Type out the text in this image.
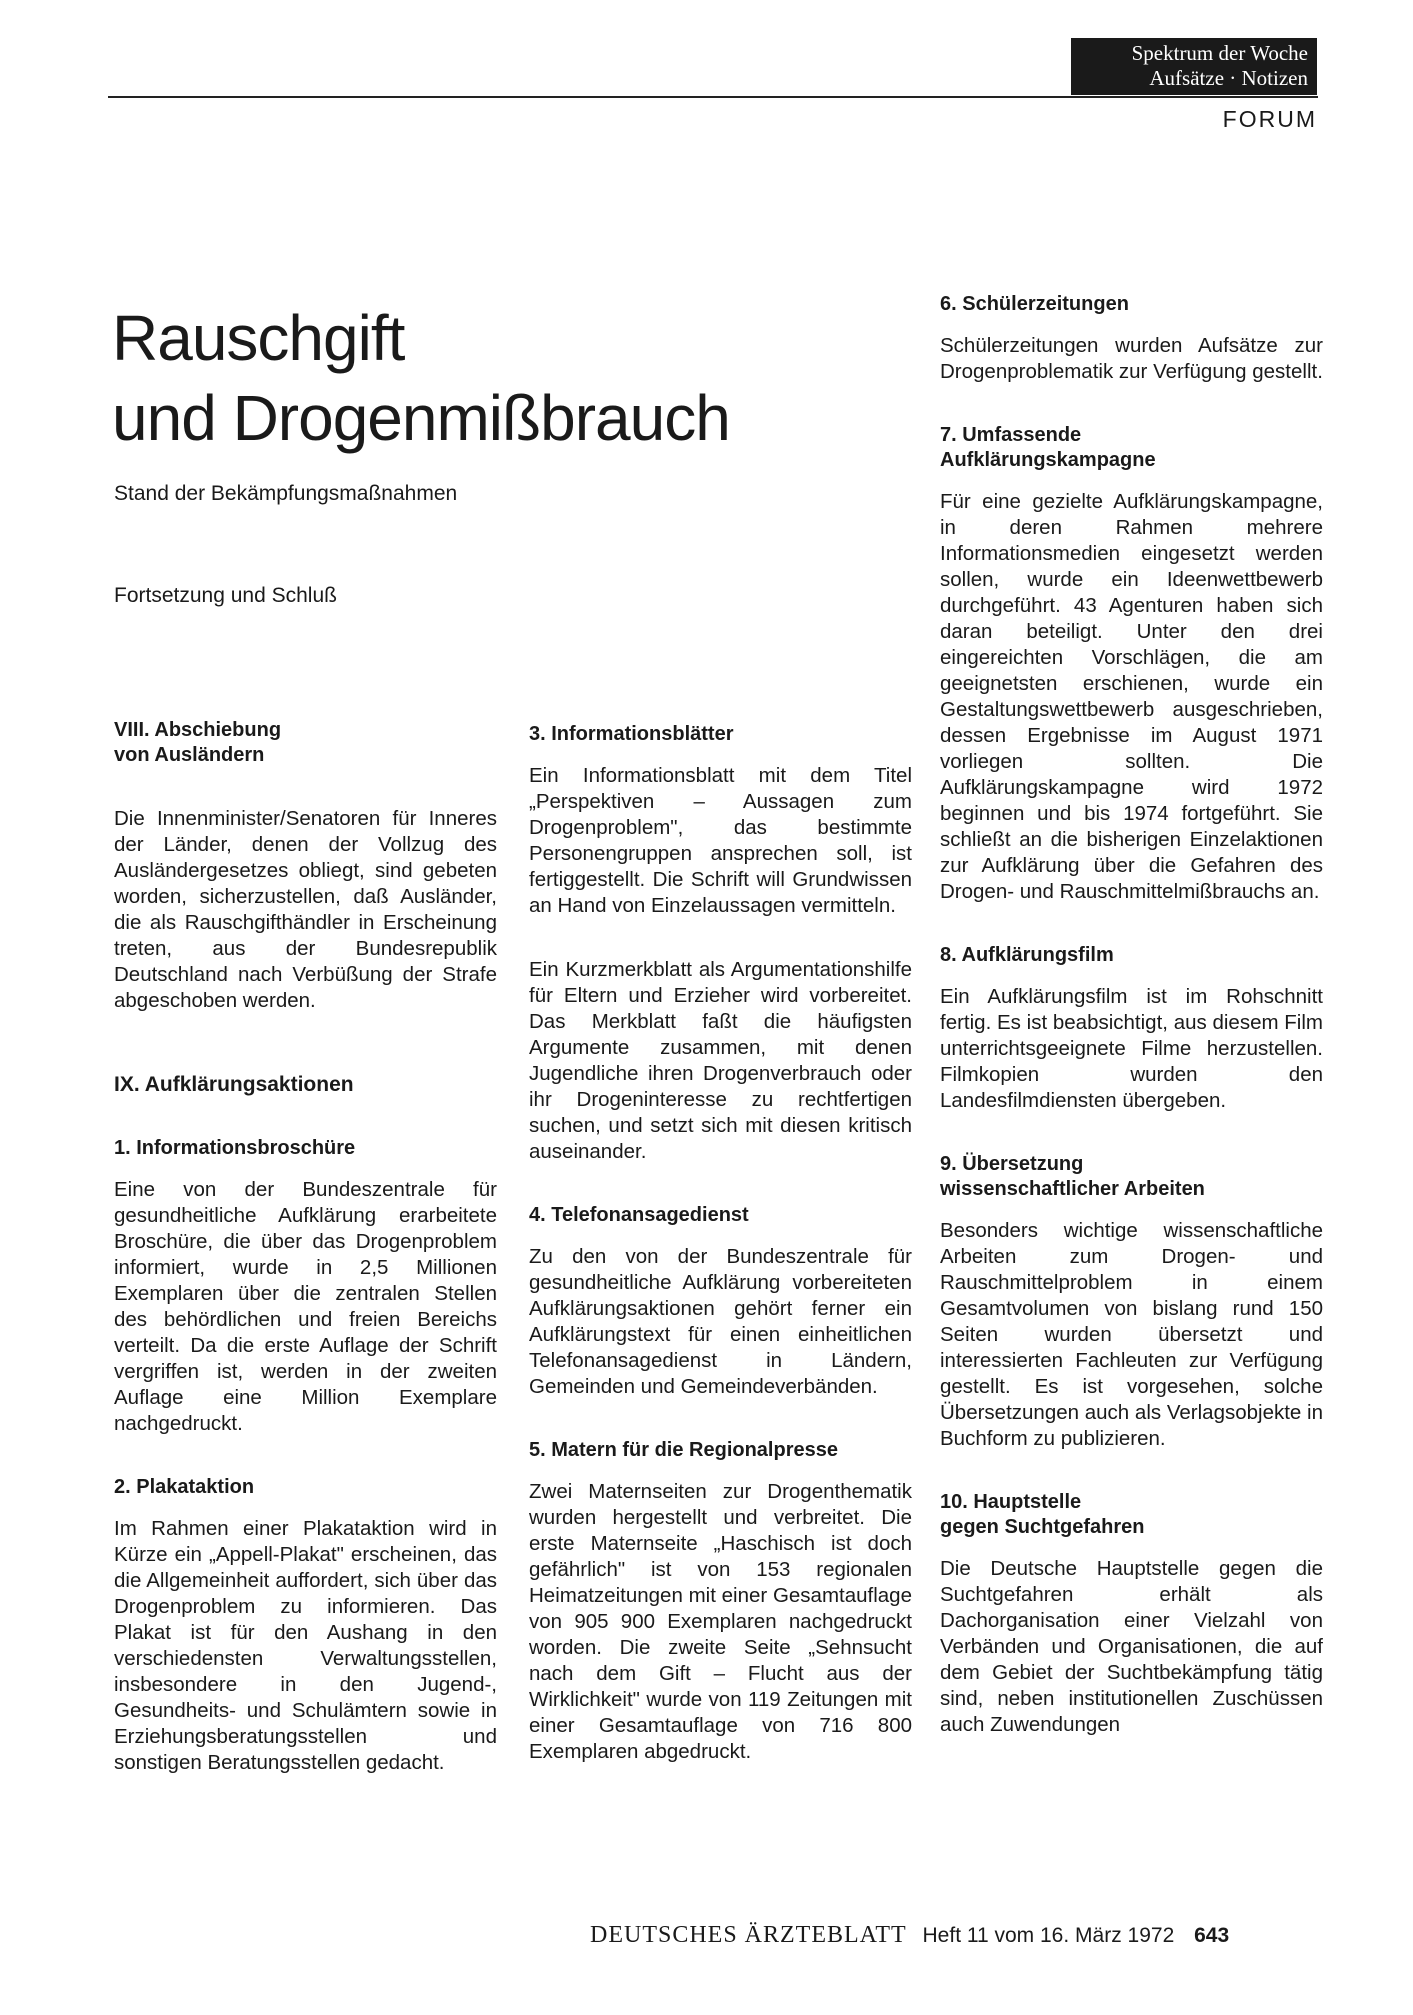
Spektrum der Woche
Aufsätze · Notizen
FORUM
Rauschgift
und Drogenmißbrauch
Stand der Bekämpfungsmaßnahmen
Fortsetzung und Schluß
VIII. Abschiebung
von Ausländern

Die Innenminister/Senatoren für Inneres der Länder, denen der Vollzug des Ausländergesetzes obliegt, sind gebeten worden, sicherzustellen, daß Ausländer, die als Rauschgifthändler in Erscheinung treten, aus der Bundesrepublik Deutschland nach Verbüßung der Strafe abgeschoben werden.

IX. Aufklärungsaktionen
1. Informationsbroschüre

Eine von der Bundeszentrale für gesundheitliche Aufklärung erarbeitete Broschüre, die über das Drogenproblem informiert, wurde in 2,5 Millionen Exemplaren über die zentralen Stellen des behördlichen und freien Bereichs verteilt. Da die erste Auflage der Schrift vergriffen ist, werden in der zweiten Auflage eine Million Exemplare nachgedruckt.

2. Plakataktion

Im Rahmen einer Plakataktion wird in Kürze ein „Appell-Plakat" erscheinen, das die Allgemeinheit auffordert, sich über das Drogenproblem zu informieren. Das Plakat ist für den Aushang in den verschiedensten Verwaltungsstellen, insbesondere in den Jugend-, Gesundheits- und Schulämtern sowie in Erziehungsberatungsstellen und sonstigen Beratungsstellen gedacht.

3. Informationsblätter

Ein Informationsblatt mit dem Titel „Perspektiven – Aussagen zum Drogenproblem", das bestimmte Personengruppen ansprechen soll, ist fertiggestellt. Die Schrift will Grundwissen an Hand von Einzelaussagen vermitteln.

Ein Kurzmerkblatt als Argumentationshilfe für Eltern und Erzieher wird vorbereitet. Das Merkblatt faßt die häufigsten Argumente zusammen, mit denen Jugendliche ihren Drogenverbrauch oder ihr Drogeninteresse zu rechtfertigen suchen, und setzt sich mit diesen kritisch auseinander.

4. Telefonansagedienst

Zu den von der Bundeszentrale für gesundheitliche Aufklärung vorbereiteten Aufklärungsaktionen gehört ferner ein Aufklärungstext für einen einheitlichen Telefonansagedienst in Ländern, Gemeinden und Gemeindeverbänden.

5. Matern für die Regionalpresse

Zwei Maternseiten zur Drogenthematik wurden hergestellt und verbreitet. Die erste Maternseite „Haschisch ist doch gefährlich" ist von 153 regionalen Heimatzeitungen mit einer Gesamtauflage von 905 900 Exemplaren nachgedruckt worden. Die zweite Seite „Sehnsucht nach dem Gift – Flucht aus der Wirklichkeit" wurde von 119 Zeitungen mit einer Gesamtauflage von 716 800 Exemplaren abgedruckt.

6. Schülerzeitungen

Schülerzeitungen wurden Aufsätze zur Drogenproblematik zur Verfügung gestellt.

7. Umfassende
Aufklärungskampagne

Für eine gezielte Aufklärungskampagne, in deren Rahmen mehrere Informationsmedien eingesetzt werden sollen, wurde ein Ideenwettbewerb durchgeführt. 43 Agenturen haben sich daran beteiligt. Unter den drei eingereichten Vorschlägen, die am geeignetsten erschienen, wurde ein Gestaltungswettbewerb ausgeschrieben, dessen Ergebnisse im August 1971 vorliegen sollten. Die Aufklärungskampagne wird 1972 beginnen und bis 1974 fortgeführt. Sie schließt an die bisherigen Einzelaktionen zur Aufklärung über die Gefahren des Drogen- und Rauschmittelmißbrauchs an.

8. Aufklärungsfilm

Ein Aufklärungsfilm ist im Rohschnitt fertig. Es ist beabsichtigt, aus diesem Film unterrichtsgeeignete Filme herzustellen. Filmkopien wurden den Landesfilmdiensten übergeben.

9. Übersetzung
wissenschaftlicher Arbeiten

Besonders wichtige wissenschaftliche Arbeiten zum Drogen- und Rauschmittelproblem in einem Gesamtvolumen von bislang rund 150 Seiten wurden übersetzt und interessierten Fachleuten zur Verfügung gestellt. Es ist vorgesehen, solche Übersetzungen auch als Verlagsobjekte in Buchform zu publizieren.

10. Hauptstelle
gegen Suchtgefahren

Die Deutsche Hauptstelle gegen die Suchtgefahren erhält als Dachorganisation einer Vielzahl von Verbänden und Organisationen, die auf dem Gebiet der Suchtbekämpfung tätig sind, neben institutionellen Zuschüssen auch Zuwendungen

DEUTSCHES ÄRZTEBLATT Heft 11 vom 16. März 1972 643
